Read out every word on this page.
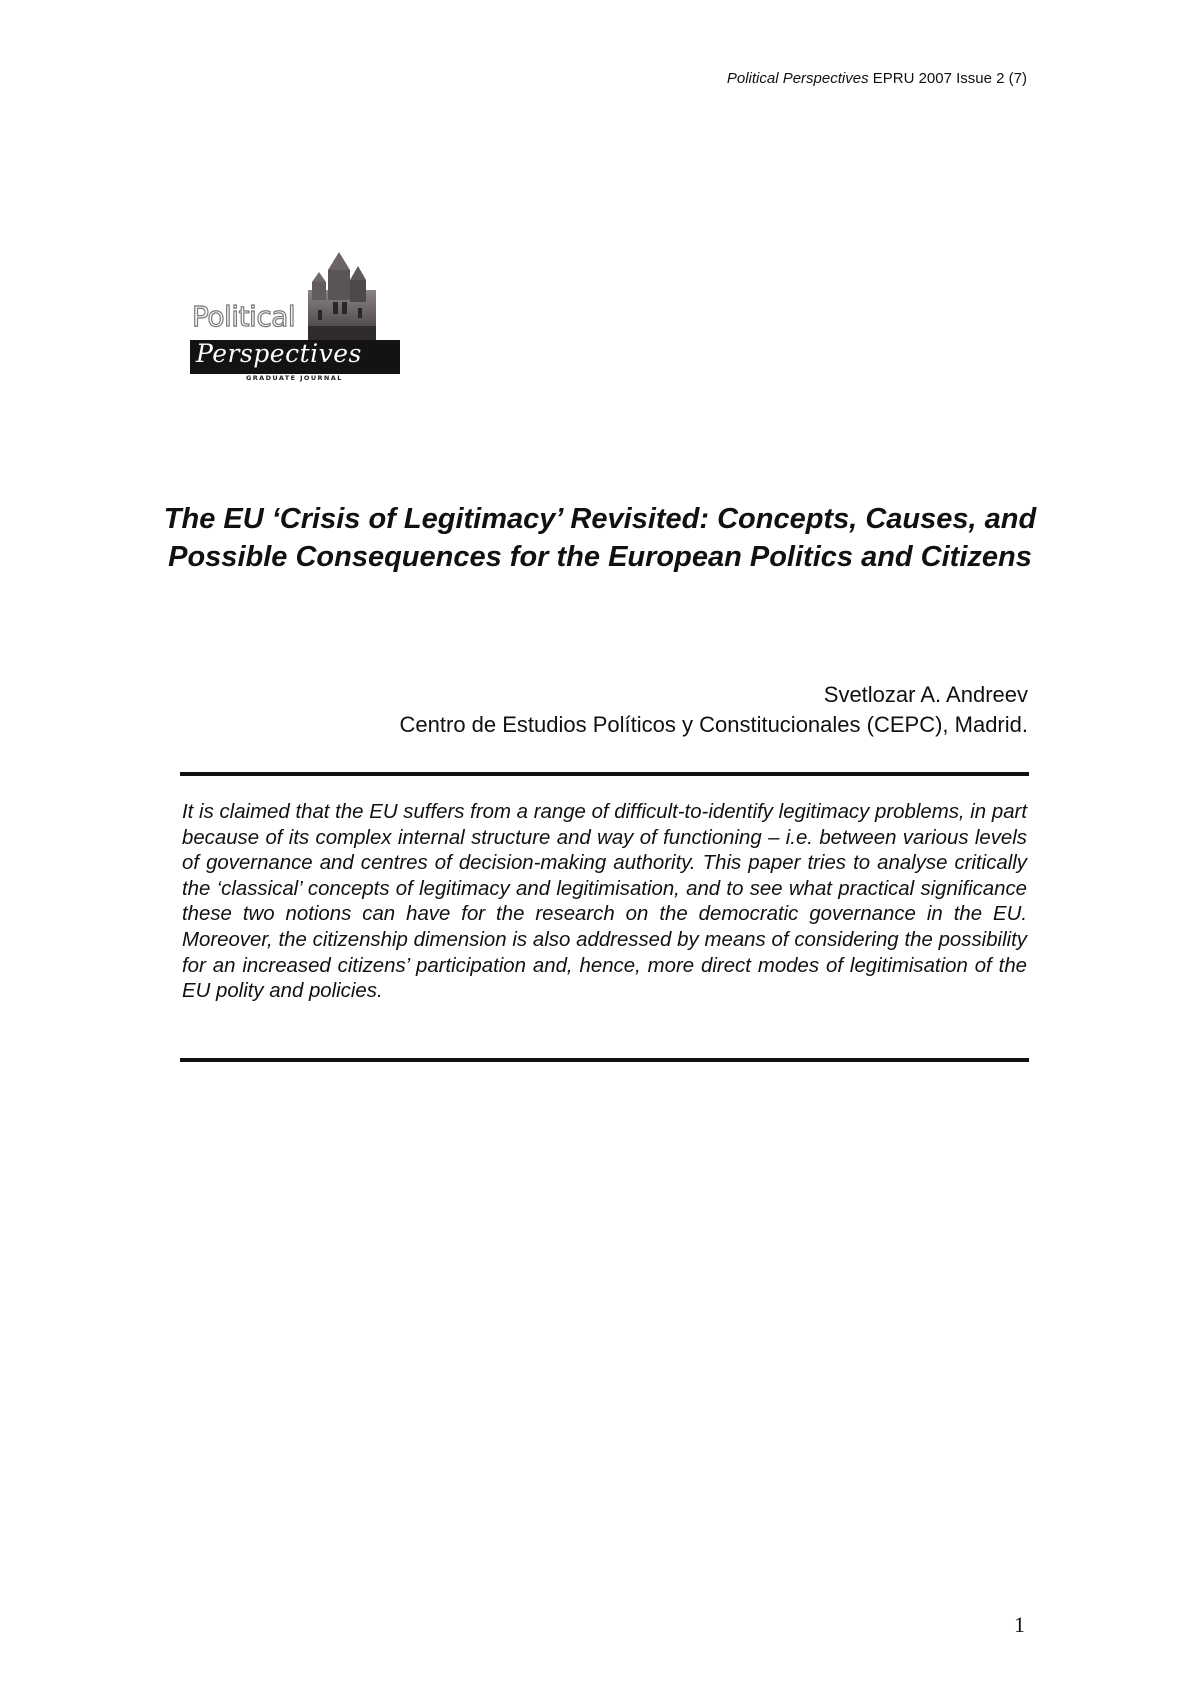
Political Perspectives EPRU 2007 Issue 2 (7)
Political
Perspectives
GRADUATE JOURNAL
The EU ‘Crisis of Legitimacy’ Revisited: Concepts, Causes, and Possible Consequences for the European Politics and Citizens
Svetlozar A. Andreev
Centro de Estudios Políticos y Constitucionales (CEPC), Madrid.

It is claimed that the EU suffers from a range of difficult-to-identify legitimacy problems, in part because of its complex internal structure and way of functioning – i.e. between various levels of governance and centres of decision-making authority. This paper tries to analyse critically the ‘classical’ concepts of legitimacy and legitimisation, and to see what practical significance these two notions can have for the research on the democratic governance in the EU. Moreover, the citizenship dimension is also addressed by means of considering the possibility for an increased citizens’ participation and, hence, more direct modes of legitimisation of the EU polity and policies.

1
